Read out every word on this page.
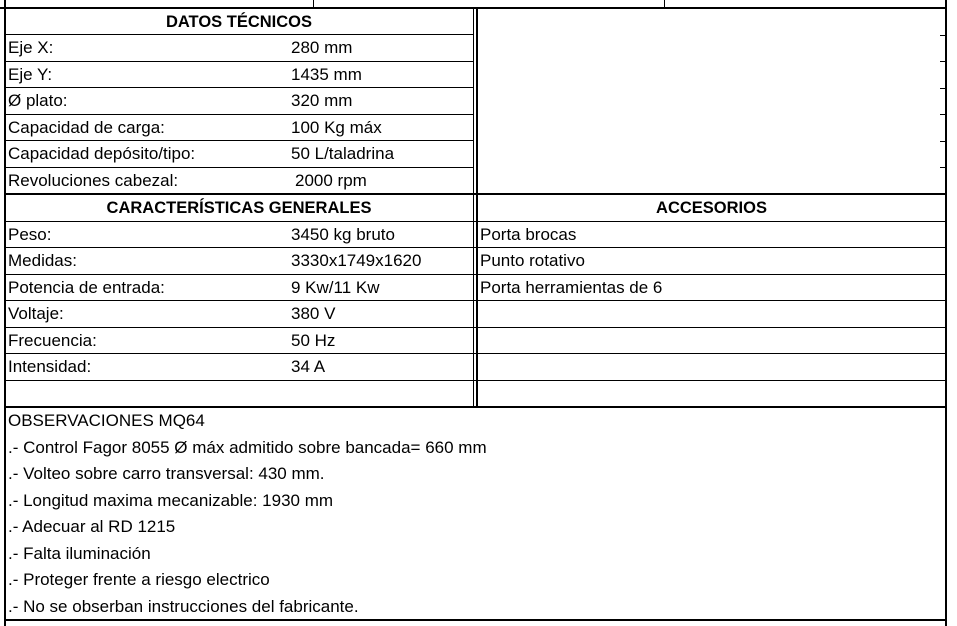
DATOS TÉCNICOS
Eje X:	280 mm
Eje Y:	1435 mm
Ø plato:	320 mm
Capacidad de carga:	100 Kg máx
Capacidad depósito/tipo:	50 L/taladrina
Revoluciones cabezal:	2000 rpm
CARACTERÍSTICAS GENERALES
Peso:	3450 kg bruto
Medidas:	3330x1749x1620
Potencia de entrada:	9 Kw/11 Kw
Voltaje:	380 V
Frecuencia:	50 Hz
Intensidad:	34 A
ACCESORIOS
Porta brocas
Punto rotativo
Porta herramientas de 6
OBSERVACIONES MQ64
.- Control Fagor 8055 Ø máx admitido sobre bancada= 660 mm
.- Volteo sobre carro transversal: 430 mm.
.- Longitud maxima mecanizable: 1930 mm
.- Adecuar al RD 1215
.- Falta iluminación
.- Proteger frente a riesgo electrico
.- No se obserban instrucciones del fabricante.
